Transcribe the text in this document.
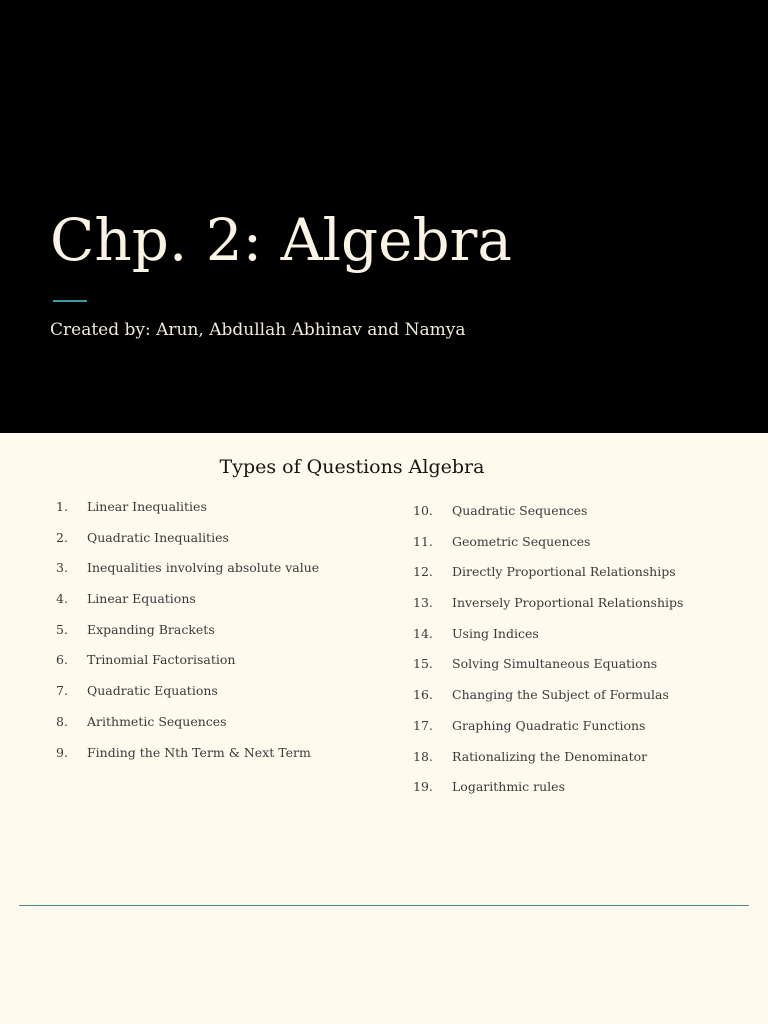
Chp. 2: Algebra

Created by: Arun, Abdullah Abhinav and Namya

Types of Questions Algebra
1. Linear Inequalities
2. Quadratic Inequalities
3. Inequalities involving absolute value
4. Linear Equations
5. Expanding Brackets
6. Trinomial Factorisation
7. Quadratic Equations
8. Arithmetic Sequences
9. Finding the Nth Term & Next Term
10. Quadratic Sequences
11. Geometric Sequences
12. Directly Proportional Relationships
13. Inversely Proportional Relationships
14. Using Indices
15. Solving Simultaneous Equations
16. Changing the Subject of Formulas
17. Graphing Quadratic Functions
18. Rationalizing the Denominator
19. Logarithmic rules
